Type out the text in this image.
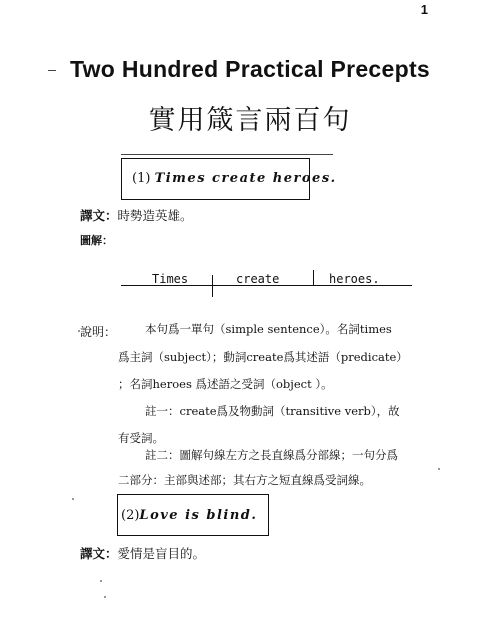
1
Two Hundred Practical Precepts
實用箴言兩百句
(1) Times create heroes.
譯文：時勢造英雄。
圖解：
Times	create	heroes.
說明：	本句爲一單句（simple sentence）。名詞times
爲主詞（subject）；動詞create爲其述語（predicate）
；名詞heroes 爲述語之受詞（object ）。
註一：create爲及物動詞（transitive verb），故
有受詞。
註二：圖解句線左方之長直線爲分部線；一句分爲
二部分：主部與述部；其右方之短直線爲受詞線。
(2)Love is blind.
譯文：愛情是盲目的。
